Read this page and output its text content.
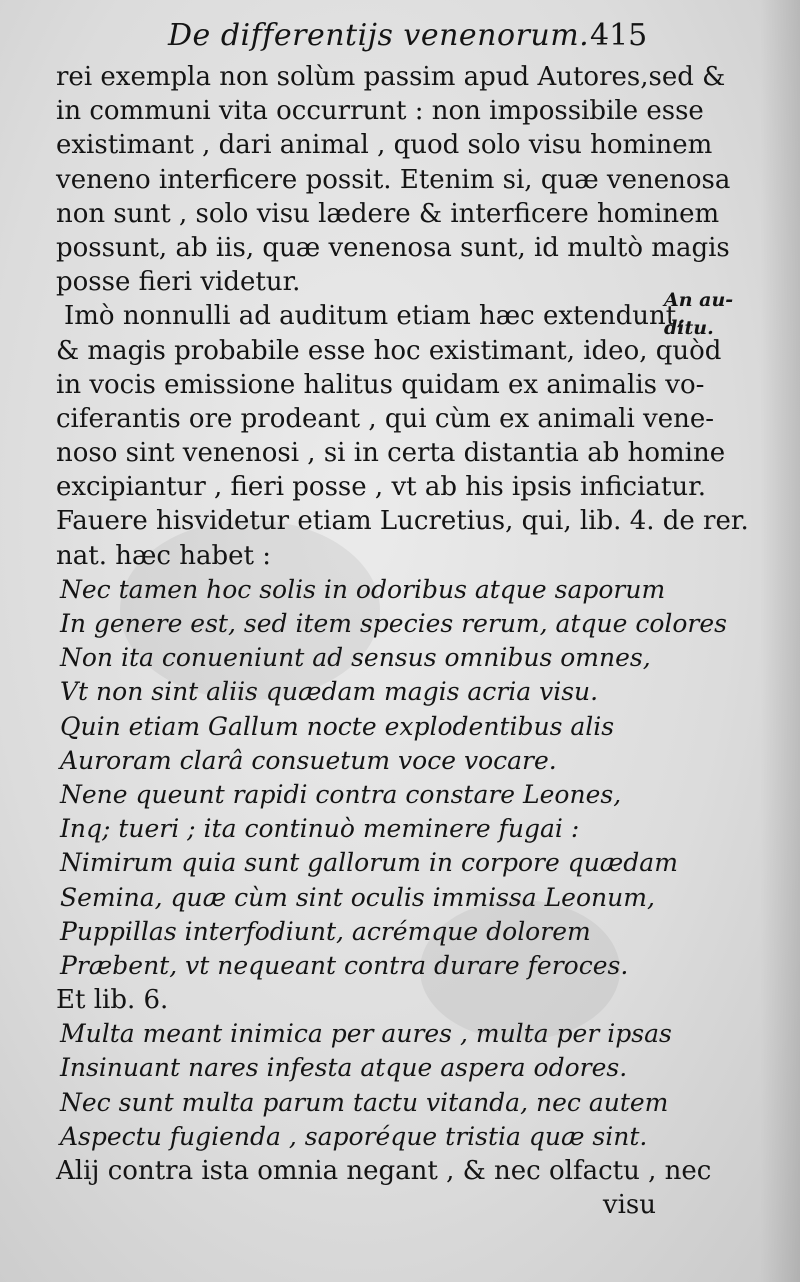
De differentijs venenorum. 415
rei exempla non solùm passim apud Autores,sed &
in communi vita occurrunt : non impossibile esse
existimant , dari animal , quod solo visu hominem
veneno interficere possit. Etenim si, quæ venenosa
non sunt , solo visu lædere & interficere hominem
possunt, ab iis, quæ venenosa sunt, id multò magis
posse fieri videtur.
Imò nonnulli ad auditum etiam hæc extendunt,
& magis probabile esse hoc existimant, ideo, quòd
in vocis emissione halitus quidam ex animalis vo-
ciferantis ore prodeant , qui cùm ex animali vene-
noso sint venenosi , si in certa distantia ab homine
excipiantur , fieri posse , vt ab his ipsis inficiatur.
Fauere hisvidetur etiam Lucretius, qui, lib. 4. de rer.
nat. hæc habet :
Nec tamen hoc solis in odoribus atque saporum
In genere est, sed item species rerum, atque colores
Non ita conueniunt ad sensus omnibus omnes,
Vt non sint aliis quædam magis acria visu.
Quin etiam Gallum nocte explodentibus alis
Auroram clarâ consuetum voce vocare.
Nene queunt rapidi contra constare Leones,
Inq; tueri ; ita continuò meminere fugai :
Nimirum quia sunt gallorum in corpore quædam
Semina, quæ cùm sint oculis immissa Leonum,
Puppillas interfodiunt, acrémque dolorem
Præbent, vt nequeant contra durare feroces.
Et lib. 6.
Multa meant inimica per aures , multa per ipsas
Insinuant nares infesta atque aspera odores.
Nec sunt multa parum tactu vitanda, nec autem
Aspectu fugienda , saporéque tristia quæ sint.
Alij contra ista omnia negant , & nec olfactu , nec
visu
An au-
ditu.
